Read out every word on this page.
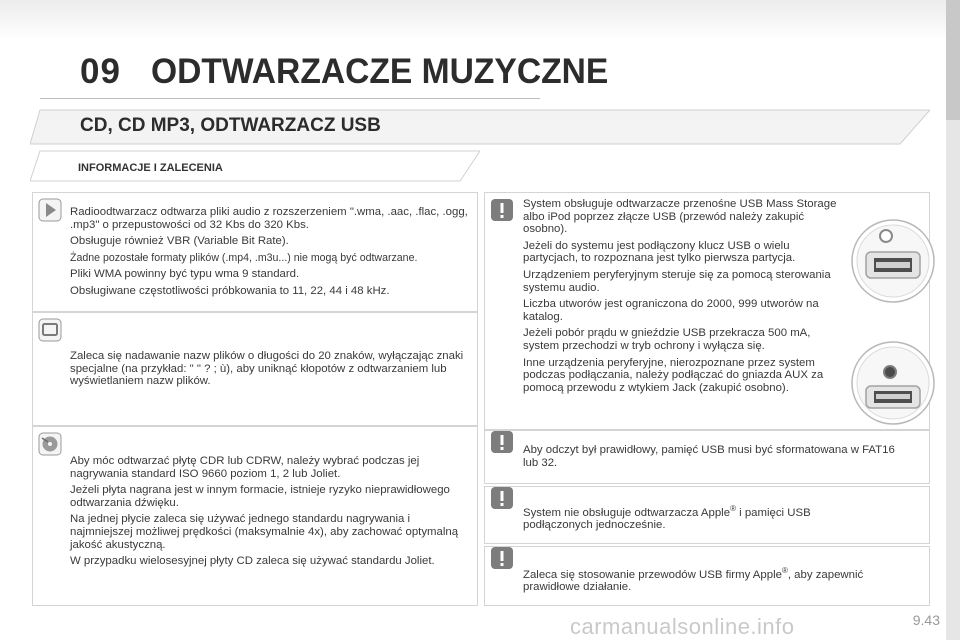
09 ODTWARZACZE MUZYCZNE
CD, CD MP3, ODTWARZACZ USB
INFORMACJE I ZALECENIA

Radioodtwarzacz odtwarza pliki audio z rozszerzeniem ".wma, .aac, .flac, .ogg, .mp3" o przepustowości od 32 Kbs do 320 Kbs.

Obsługuje również VBR (Variable Bit Rate).

Żadne pozostałe formaty plików (.mp4, .m3u...) nie mogą być odtwarzane.

Pliki WMA powinny być typu wma 9 standard.

Obsługiwane częstotliwości próbkowania to 11, 22, 44 i 48 kHz.

Zaleca się nadawanie nazw plików o długości do 20 znaków, wyłączając znaki specjalne (na przykład: " " ? ; ù), aby uniknąć kłopotów z odtwarzaniem lub wyświetlaniem nazw plików.

Aby móc odtwarzać płytę CDR lub CDRW, należy wybrać podczas jej nagrywania standard ISO 9660 poziom 1, 2 lub Joliet.

Jeżeli płyta nagrana jest w innym formacie, istnieje ryzyko nieprawidłowego odtwarzania dźwięku.

Na jednej płycie zaleca się używać jednego standardu nagrywania i najmniejszej możliwej prędkości (maksymalnie 4x), aby zachować optymalną jakość akustyczną.

W przypadku wielosesyjnej płyty CD zaleca się używać standardu Joliet.

System obsługuje odtwarzacze przenośne USB Mass Storage albo iPod poprzez złącze USB (przewód należy zakupić osobno).

Jeżeli do systemu jest podłączony klucz USB o wielu partycjach, to rozpoznana jest tylko pierwsza partycja.

Urządzeniem peryferyjnym steruje się za pomocą sterowania systemu audio.

Liczba utworów jest ograniczona do 2000, 999 utworów na katalog.

Jeżeli pobór prądu w gnieździe USB przekracza 500 mA, system przechodzi w tryb ochrony i wyłącza się.

Inne urządzenia peryferyjne, nierozpoznane przez system podczas podłączania, należy podłączać do gniazda AUX za pomocą przewodu z wtykiem Jack (zakupić osobno).

Aby odczyt był prawidłowy, pamięć USB musi być sformatowana w FAT16 lub 32.
System nie obsługuje odtwarzacza Apple® i pamięci USB podłączonych jednocześnie.
Zaleca się stosowanie przewodów USB firmy Apple®, aby zapewnić prawidłowe działanie.
carmanualsonline.info	9.43
